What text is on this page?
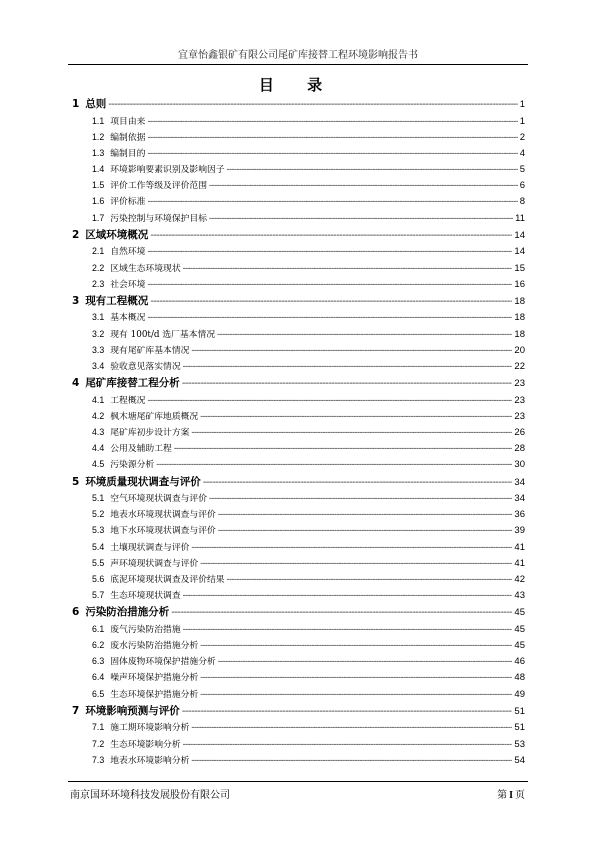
宜章怡鑫银矿有限公司尾矿库接替工程环境影响报告书
目 录
1 总则 -----	1
1.1 项目由来 -----	1
1.2 编制依据 -----	2
1.3 编制目的 -----	4
1.4 环境影响要素识别及影响因子 -----	5
1.5 评价工作等级及评价范围 -----	6
1.6 评价标准 -----	8
1.7 污染控制与环境保护目标 -----	11
2 区域环境概况 -----	14
2.1 自然环境 -----	14
2.2 区域生态环境现状 -----	15
2.3 社会环境 -----	16
3 现有工程概况 -----	18
3.1 基本概况 -----	18
3.2 现有 100t/d 选厂基本情况 -----	18
3.3 现有尾矿库基本情况 -----	20
3.4 验收意见落实情况 -----	22
4 尾矿库接替工程分析 -----	23
4.1 工程概况 -----	23
4.2 枫木塘尾矿库地质概况 -----	23
4.3 尾矿库初步设计方案 -----	26
4.4 公用及辅助工程 -----	28
4.5 污染源分析 -----	30
5 环境质量现状调查与评价 -----	34
5.1 空气环境现状调查与评价 -----	34
5.2 地表水环境现状调查与评价 -----	36
5.3 地下水环境现状调查与评价 -----	39
5.4 土壤现状调查与评价 -----	41
5.5 声环境现状调查与评价 -----	41
5.6 底泥环境现状调查及评价结果 -----	42
5.7 生态环境现状调查 -----	43
6 污染防治措施分析 -----	45
6.1 废气污染防治措施 -----	45
6.2 废水污染防治措施分析 -----	45
6.3 固体废物环境保护措施分析 -----	46
6.4 噪声环境保护措施分析 -----	48
6.5 生态环境保护措施分析 -----	49
7 环境影响预测与评价 -----	51
7.1 施工期环境影响分析 -----	51
7.2 生态环境影响分析 -----	53
7.3 地表水环境影响分析 -----	54
南京国环环境科技发展股份有限公司	第 I 页
